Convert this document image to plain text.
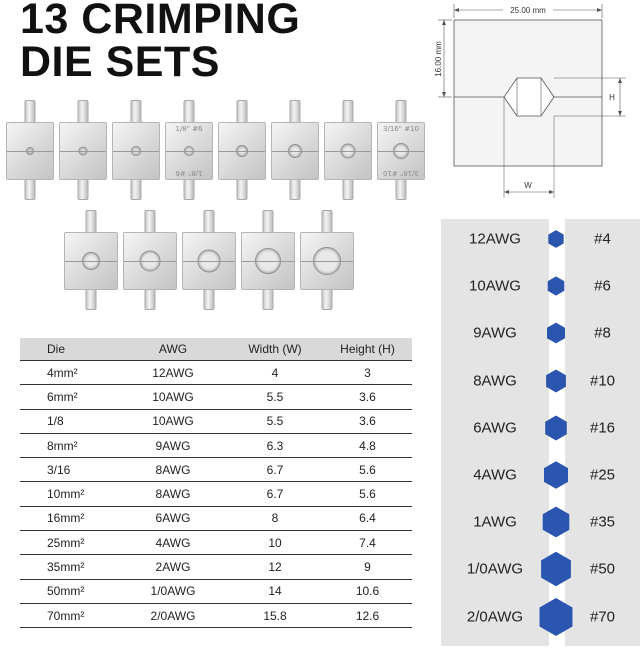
13 CRIMPING
DIE SETS
1/8" #6
1/8" #6
3/16" #10
3/16" #10
25.00 mm
16.00 mm
H
W
Die	AWG	Width (W)	Height (H)
4mm²	12AWG	4	3
6mm²	10AWG	5.5	3.6
1/8	10AWG	5.5	3.6
8mm²	9AWG	6.3	4.8
3/16	8AWG	6.7	5.6
10mm²	8AWG	6.7	5.6
16mm²	6AWG	8	6.4
25mm²	4AWG	10	7.4
35mm²	2AWG	12	9
50mm²	1/0AWG	14	10.6
70mm²	2/0AWG	15.8	12.6
12AWG	#4
10AWG	#6
9AWG	#8
8AWG	#10
6AWG	#16
4AWG	#25
1AWG	#35
1/0AWG	#50
2/0AWG	#70
